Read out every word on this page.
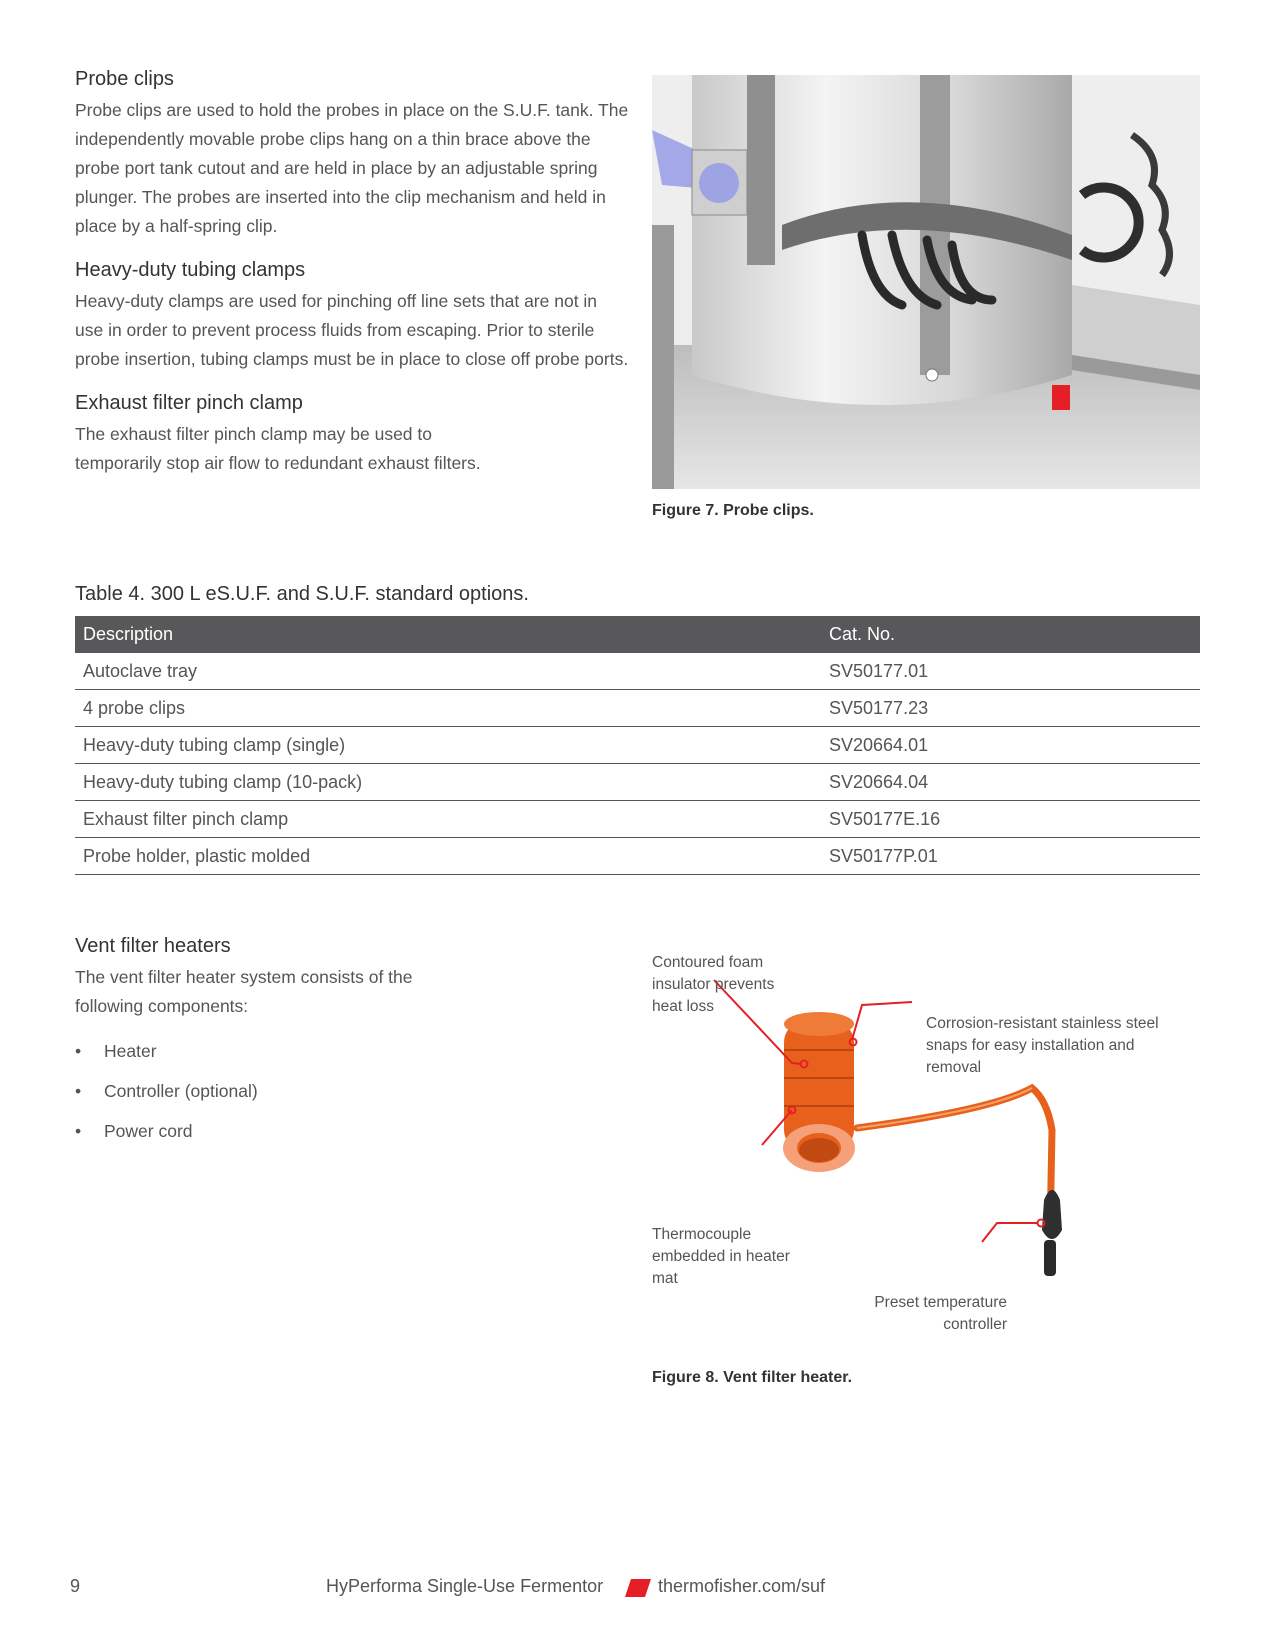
Probe clips

Probe clips are used to hold the probes in place on the S.U.F. tank. The independently movable probe clips hang on a thin brace above the probe port tank cutout and are held in place by an adjustable spring plunger. The probes are inserted into the clip mechanism and held in place by a half-spring clip.

Heavy-duty tubing clamps

Heavy-duty clamps are used for pinching off line sets that are not in use in order to prevent process fluids from escaping. Prior to sterile probe insertion, tubing clamps must be in place to close off probe ports.

Exhaust filter pinch clamp

The exhaust filter pinch clamp may be used to
temporarily stop air flow to redundant exhaust filters.

Figure 7. Probe clips.
Table 4. 300 L eS.U.F. and S.U.F. standard options.
Description	Cat. No.
Autoclave tray	SV50177.01
4 probe clips	SV50177.23
Heavy-duty tubing clamp (single)	SV20664.01
Heavy-duty tubing clamp (10-pack)	SV20664.04
Exhaust filter pinch clamp	SV50177E.16
Probe holder, plastic molded	SV50177P.01
Vent filter heaters

The vent filter heater system consists of the
following components:

• Heater
• Controller (optional)
• Power cord
Contoured foam
insulator prevents
heat loss
Corrosion-resistant stainless steel
snaps for easy installation and
removal
Thermocouple
embedded in heater
mat
Preset temperature
controller
Figure 8. Vent filter heater.
9	HyPerforma Single-Use Fermentor	thermofisher.com/suf
